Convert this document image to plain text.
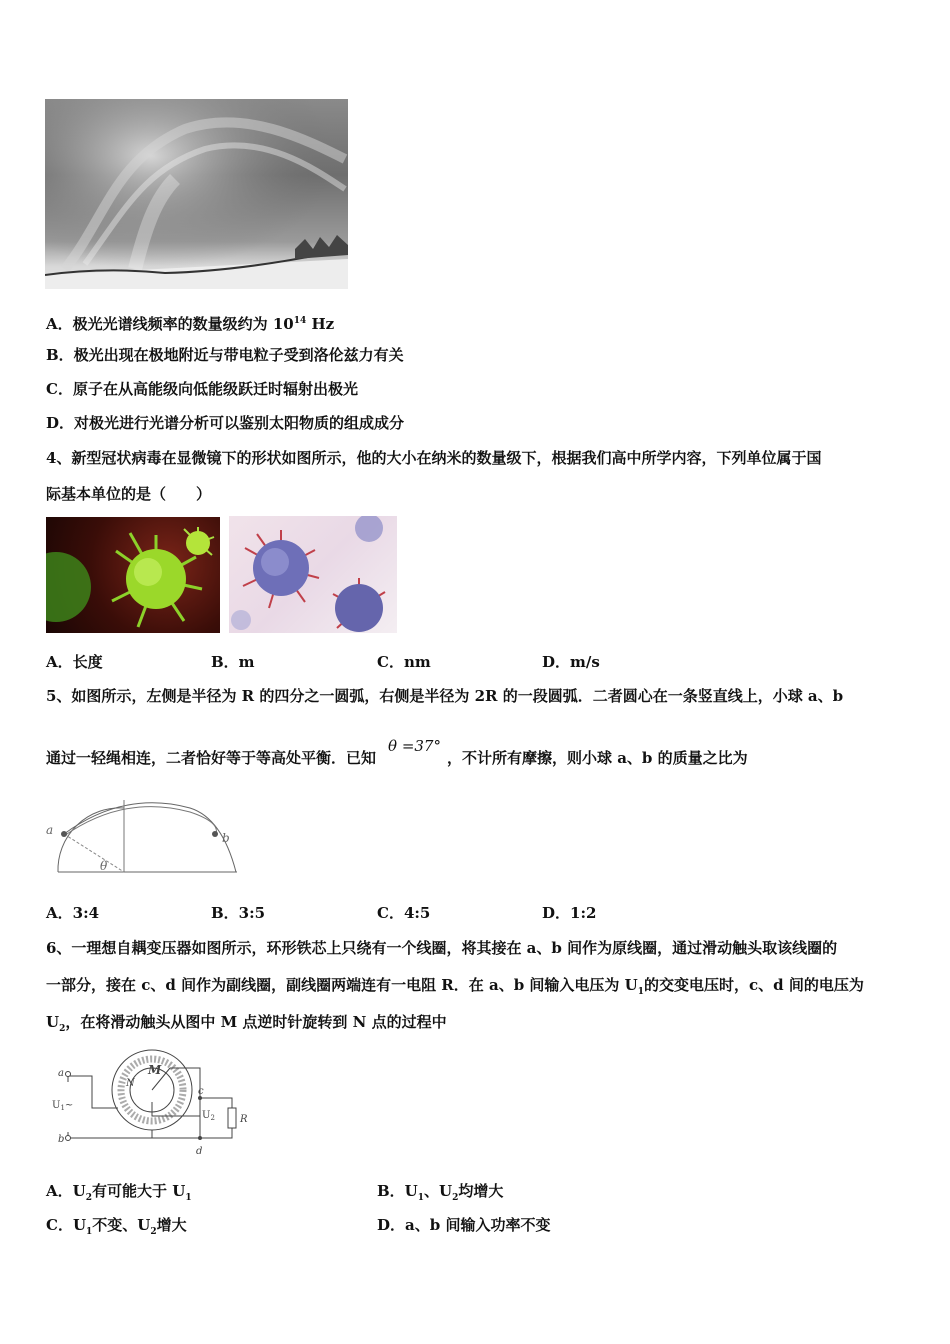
A．极光光谱线频率的数量级约为 $10^{14}$ Hz
B．极光出现在极地附近与带电粒子受到洛伦兹力有关
C．原子在从高能级向低能级跃迁时辐射出极光
D．对极光进行光谱分析可以鉴别太阳物质的组成成分
4、新型冠状病毒在显微镜下的形状如图所示，他的大小在纳米的数量级下，根据我们高中所学内容，下列单位属于国
际基本单位的是（　　）
A．长度	B．m	C．nm	D．m/s
5、如图所示，左侧是半径为 R 的四分之一圆弧，右侧是半径为 2R 的一段圆弧．二者圆心在一条竖直线上，小球 a、b
通过一轻绳相连，二者恰好等于等高处平衡．已知θ =37°，不计所有摩擦，则小球 a、b 的质量之比为
a
b
θ
A．3:4	B．3:5	C．4:5	D．1:2
6、一理想自耦变压器如图所示，环形铁芯上只绕有一个线圈，将其接在 a、b 间作为原线圈，通过滑动触头取该线圈的
一部分，接在 c、d 间作为副线圈，副线圈两端连有一电阻 R．在 a、b 间输入电压为 $U_1$的交变电压时，c、d 间的电压为
$U_2$，在将滑动触头从图中 M 点逆时针旋转到 N 点的过程中
a
b
c
d
M
N
R
$U_1\sim$
$U_2$
A．$U_2$有可能大于 $U_1$	B．$U_1$、$U_2$均增大
C．$U_1$不变、$U_2$增大	D．a、b 间输入功率不变
